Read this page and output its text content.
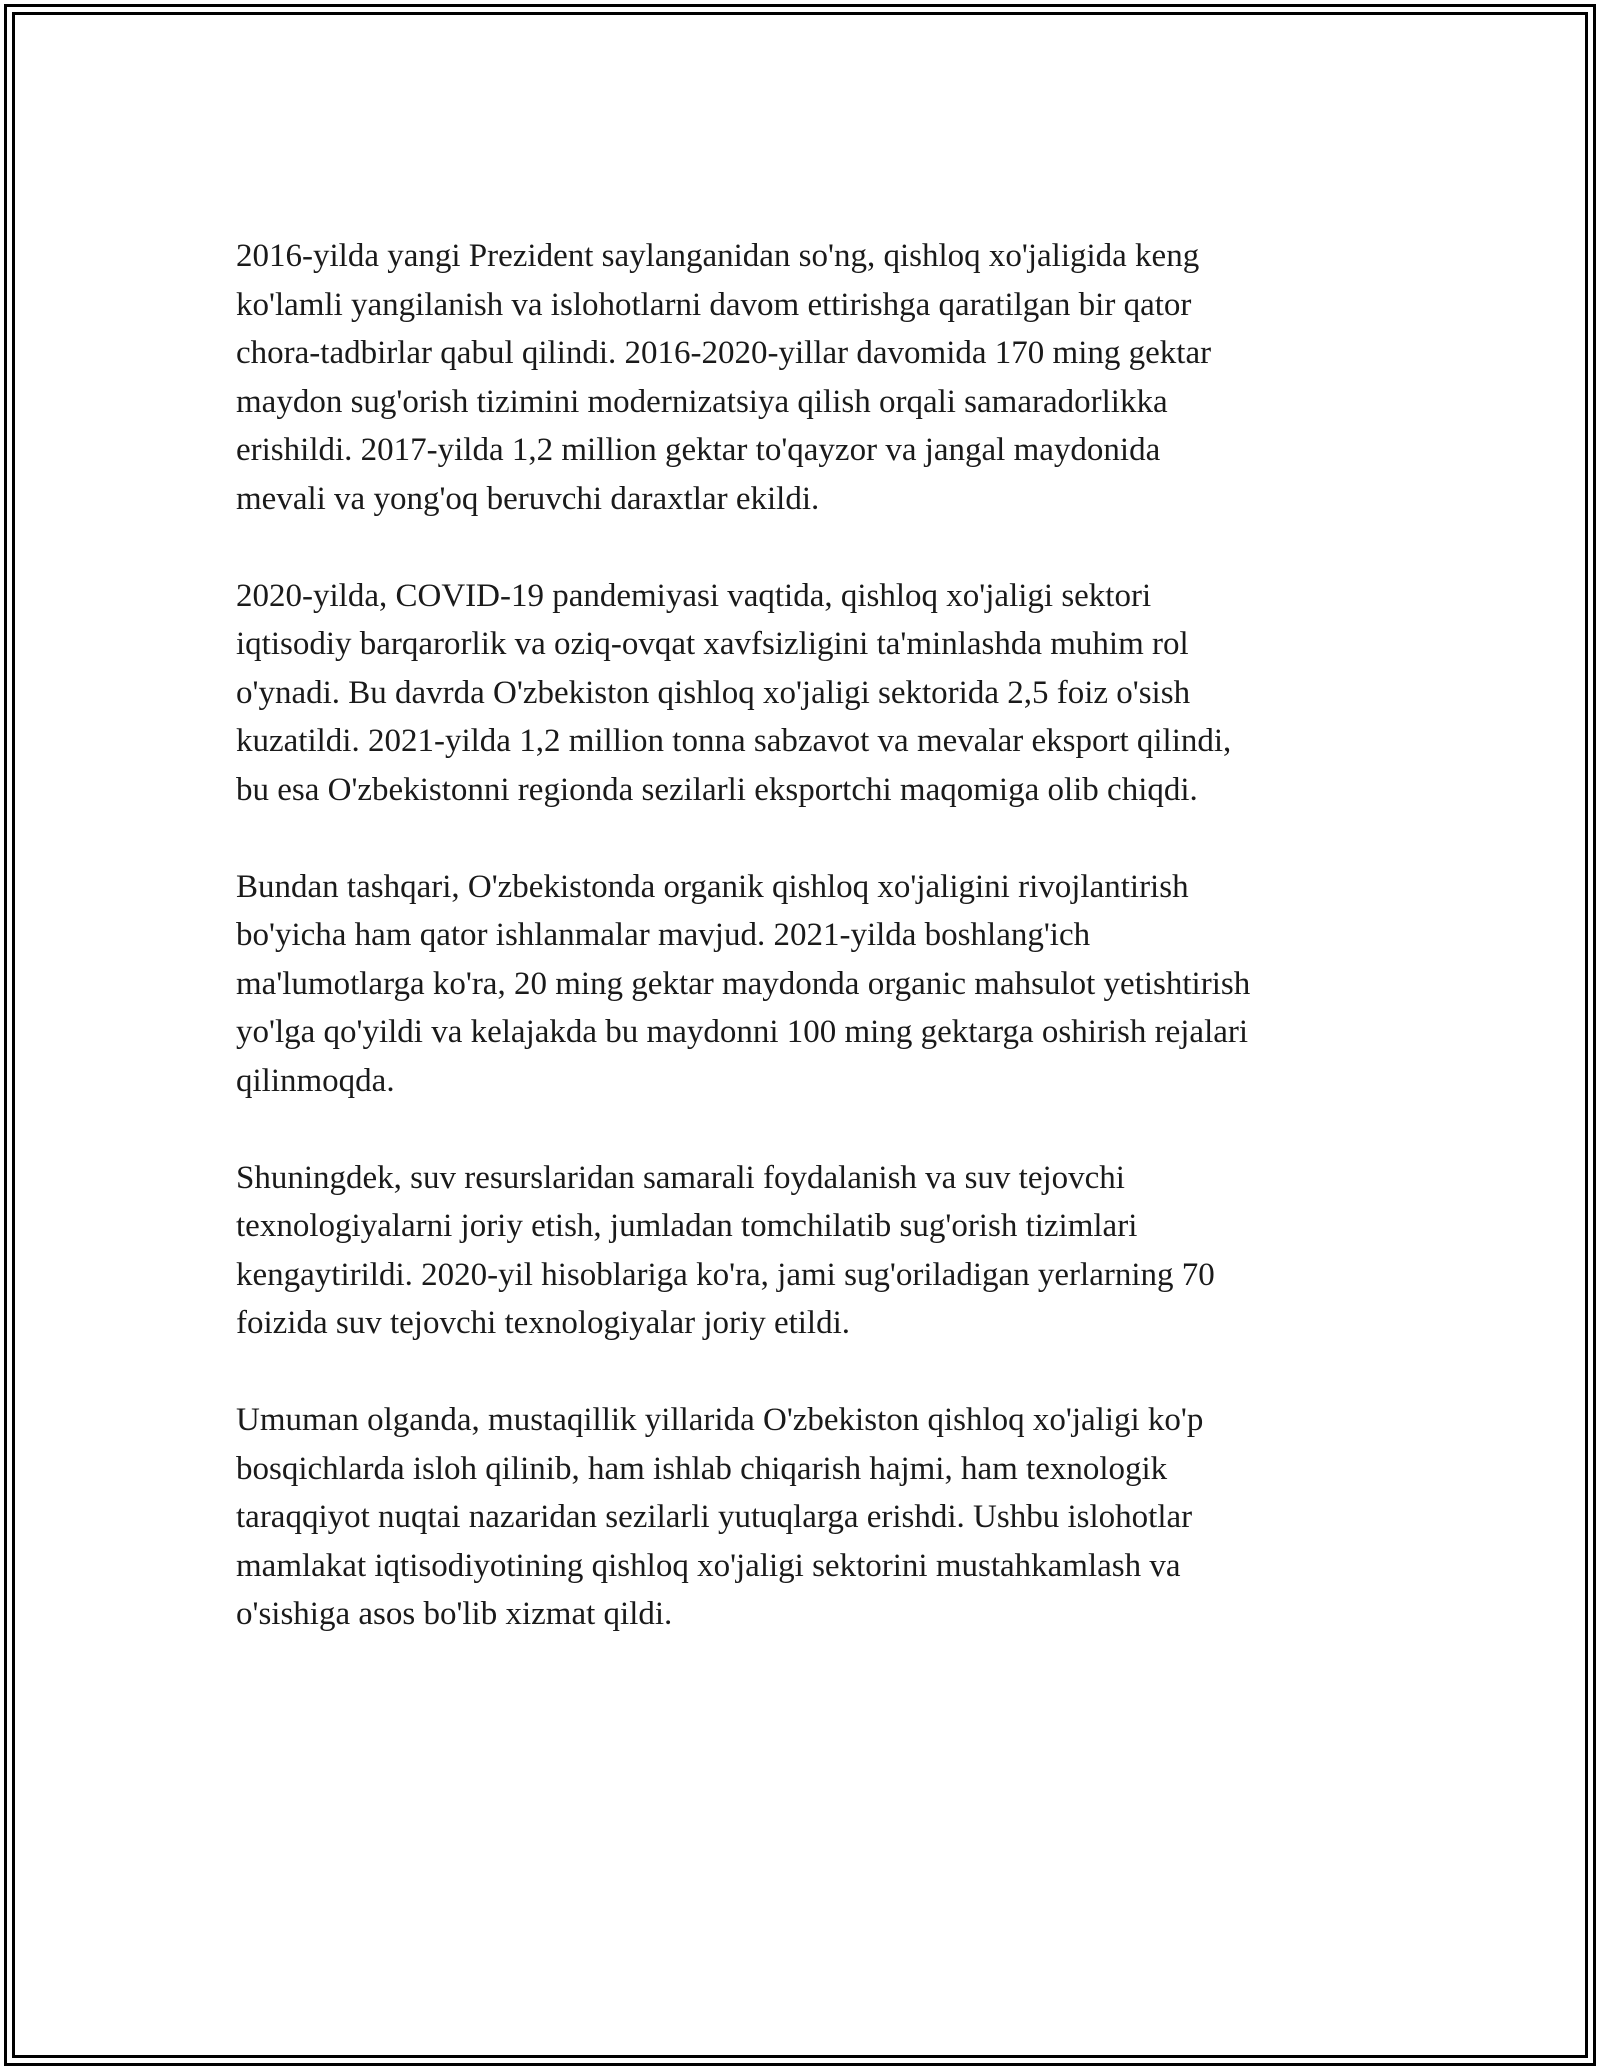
2016-yilda yangi Prezident saylanganidan so'ng, qishloq xo'jaligida keng
ko'lamli yangilanish va islohotlarni davom ettirishga qaratilgan bir qator
chora-tadbirlar qabul qilindi. 2016-2020-yillar davomida 170 ming gektar
maydon sug'orish tizimini modernizatsiya qilish orqali samaradorlikka
erishildi. 2017-yilda 1,2 million gektar to'qayzor va jangal maydonida
mevali va yong'oq beruvchi daraxtlar ekildi.

2020-yilda, COVID-19 pandemiyasi vaqtida, qishloq xo'jaligi sektori
iqtisodiy barqarorlik va oziq-ovqat xavfsizligini ta'minlashda muhim rol
o'ynadi. Bu davrda O'zbekiston qishloq xo'jaligi sektorida 2,5 foiz o'sish
kuzatildi. 2021-yilda 1,2 million tonna sabzavot va mevalar eksport qilindi,
bu esa O'zbekistonni regionda sezilarli eksportchi maqomiga olib chiqdi.

Bundan tashqari, O'zbekistonda organik qishloq xo'jaligini rivojlantirish
bo'yicha ham qator ishlanmalar mavjud. 2021-yilda boshlang'ich
ma'lumotlarga ko'ra, 20 ming gektar maydonda organic mahsulot yetishtirish
yo'lga qo'yildi va kelajakda bu maydonni 100 ming gektarga oshirish rejalari
qilinmoqda.

Shuningdek, suv resurslaridan samarali foydalanish va suv tejovchi
texnologiyalarni joriy etish, jumladan tomchilatib sug'orish tizimlari
kengaytirildi. 2020-yil hisoblariga ko'ra, jami sug'oriladigan yerlarning 70
foizida suv tejovchi texnologiyalar joriy etildi.

Umuman olganda, mustaqillik yillarida O'zbekiston qishloq xo'jaligi ko'p
bosqichlarda isloh qilinib, ham ishlab chiqarish hajmi, ham texnologik
taraqqiyot nuqtai nazaridan sezilarli yutuqlarga erishdi. Ushbu islohotlar
mamlakat iqtisodiyotining qishloq xo'jaligi sektorini mustahkamlash va
o'sishiga asos bo'lib xizmat qildi.
